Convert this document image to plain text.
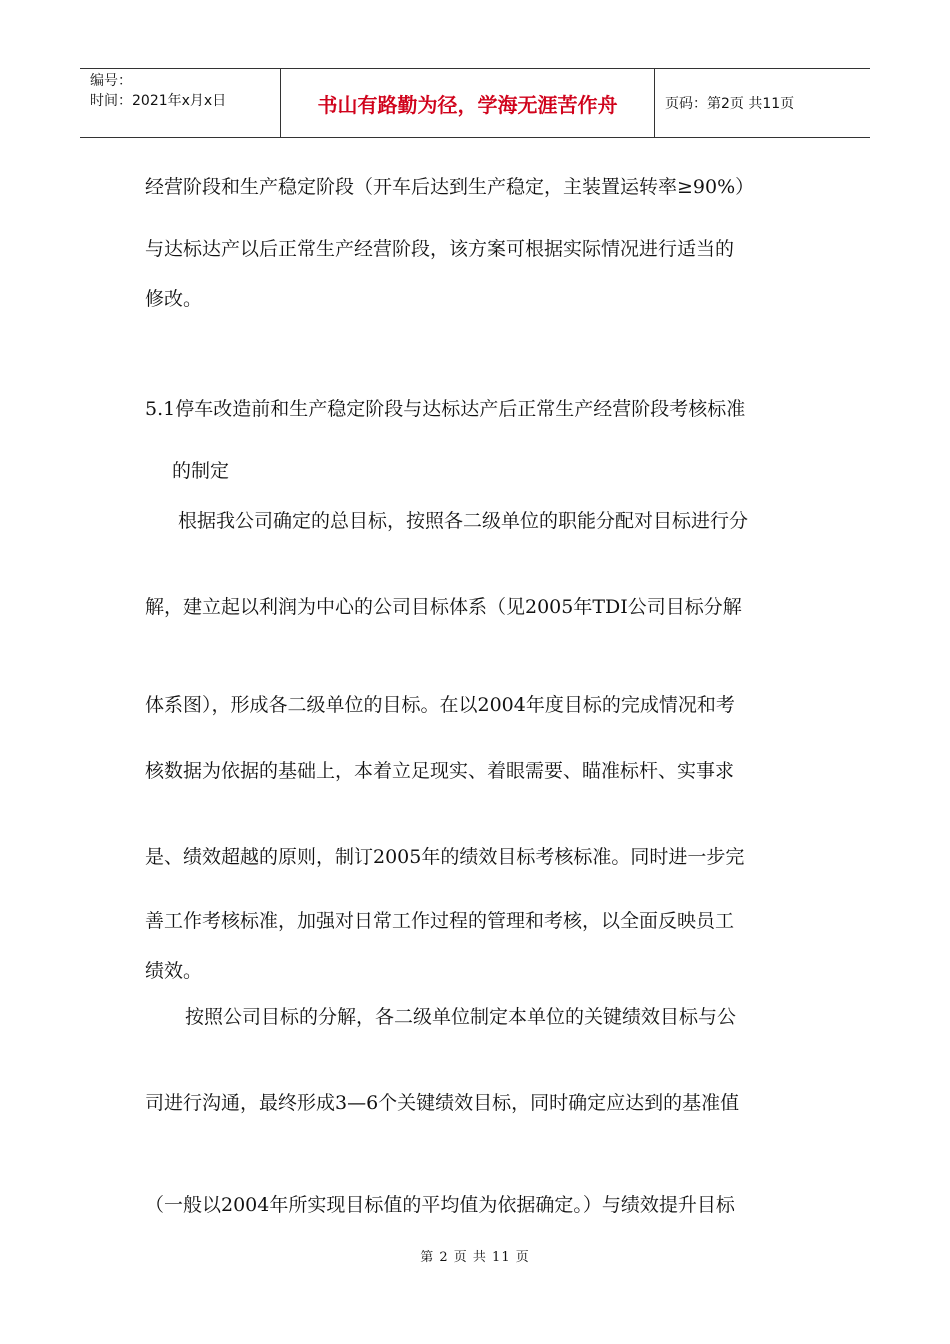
编号：
时间：2021年x月x日	书山有路勤为径，学海无涯苦作舟	页码：第2页 共11页
经营阶段和生产稳定阶段（开车后达到生产稳定，主装置运转率≥90%）
与达标达产以后正常生产经营阶段，该方案可根据实际情况进行适当的
修改。
5.1停车改造前和生产稳定阶段与达标达产后正常生产经营阶段考核标准
的制定
根据我公司确定的总目标，按照各二级单位的职能分配对目标进行分
解，建立起以利润为中心的公司目标体系（见2005年TDI公司目标分解
体系图），形成各二级单位的目标。在以2004年度目标的完成情况和考
核数据为依据的基础上，本着立足现实、着眼需要、瞄准标杆、实事求
是、绩效超越的原则，制订2005年的绩效目标考核标准。同时进一步完
善工作考核标准，加强对日常工作过程的管理和考核，以全面反映员工
绩效。
按照公司目标的分解，各二级单位制定本单位的关键绩效目标与公
司进行沟通，最终形成3—6个关键绩效目标，同时确定应达到的基准值
（一般以2004年所实现目标值的平均值为依据确定。）与绩效提升目标
第 2 页 共 11 页
